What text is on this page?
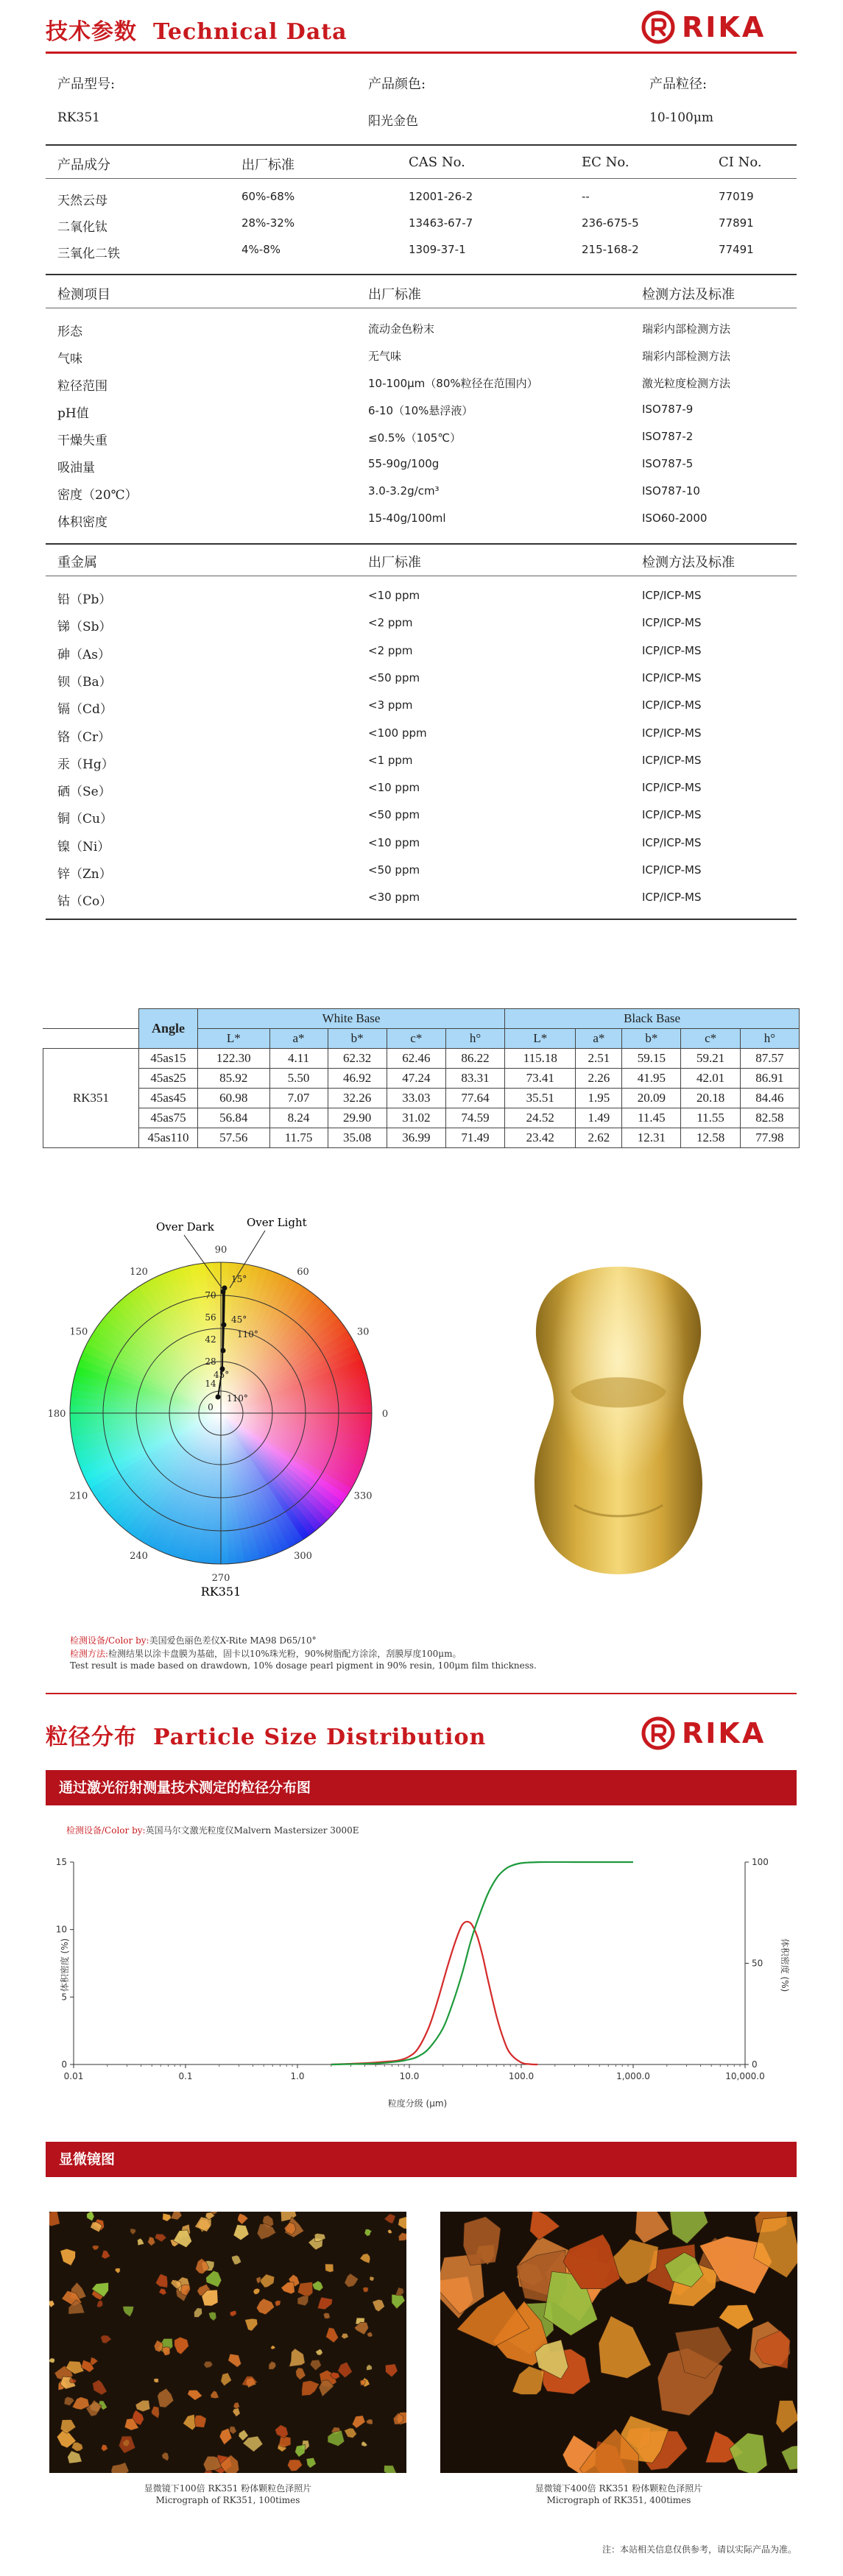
技术参数 Technical Data	RIKA
产品型号:	产品颜色:	产品粒径:
RK351	阳光金色	10-100μm
产品成分	出厂标准	CAS No.	EC No.	CI No.
天然云母	60%-68%	12001-26-2	--	77019
二氧化钛	28%-32%	13463-67-7	236-675-5	77891
三氧化二铁	4%-8%	1309-37-1	215-168-2	77491
检测项目	出厂标准	检测方法及标准
形态	流动金色粉末	瑞彩内部检测方法
气味	无气味	瑞彩内部检测方法
粒径范围	10-100μm（80%粒径在范围内）	激光粒度检测方法
pH值	6-10（10%悬浮液）	ISO787-9
干燥失重	≤0.5%（105℃）	ISO787-2
吸油量	55-90g/100g	ISO787-5
密度（20℃）	3.0-3.2g/cm³	ISO787-10
体积密度	15-40g/100ml	ISO60-2000
重金属	出厂标准	检测方法及标准
铅（Pb）	<10 ppm	ICP/ICP-MS
锑（Sb）	<2 ppm	ICP/ICP-MS
砷（As）	<2 ppm	ICP/ICP-MS
钡（Ba）	<50 ppm	ICP/ICP-MS
镉（Cd）	<3 ppm	ICP/ICP-MS
铬（Cr）	<100 ppm	ICP/ICP-MS
汞（Hg）	<1 ppm	ICP/ICP-MS
硒（Se）	<10 ppm	ICP/ICP-MS
铜（Cu）	<50 ppm	ICP/ICP-MS
镍（Ni）	<10 ppm	ICP/ICP-MS
锌（Zn）	<50 ppm	ICP/ICP-MS
钴（Co）	<30 ppm	ICP/ICP-MS
	Angle	White Base					Black Base				
		L*	a*	b*	c*	h°	L*	a*	b*	c*	h°
RK351	45as15	122.30	4.11	62.32	62.46	86.22	115.18	2.51	59.15	59.21	87.57
	45as25	85.92	5.50	46.92	47.24	83.31	73.41	2.26	41.95	42.01	86.91
	45as45	60.98	7.07	32.26	33.03	77.64	35.51	1.95	20.09	20.18	84.46
	45as75	56.84	8.24	29.90	31.02	74.59	24.52	1.49	11.45	11.55	82.58
	45as110	57.56	11.75	35.08	36.99	71.49	23.42	2.62	12.31	12.58	77.98
90
60
30
0
330
300
270
240
210
180
150
120
70
56
42
28
14
0
15°
45°
110°
45°
110°
Over Dark	Over Light
RK351
检测设备/Color by:美国爱色丽色差仪X-Rite MA98 D65/10°
检测方法:检测结果以涂卡盘膜为基础，固卡以10%珠光粉，90%树脂配方涂涂，刮膜厚度100μm。
Test result is made based on drawdown, 10% dosage pearl pigment in 90% resin, 100μm film thickness.
粒径分布 Particle Size Distribution	RIKA
通过激光衍射测量技术测定的粒径分布图
检测设备/Color by:英国马尔文激光粒度仪Malvern Mastersizer 3000E
0.01	0.1	1.0	10.0	100.0	1,000.0	10,000.0
0
5
10
15
0
50
100
粒度分级 (μm)
体积密度 (%)	体积密度 (%)
显微镜图
显微镜下100倍 RK351 粉体颗粒色泽照片
Micrograph of RK351, 100times
显微镜下400倍 RK351 粉体颗粒色泽照片
Micrograph of RK351, 400times
注：本站相关信息仅供参考，请以实际产品为准。
